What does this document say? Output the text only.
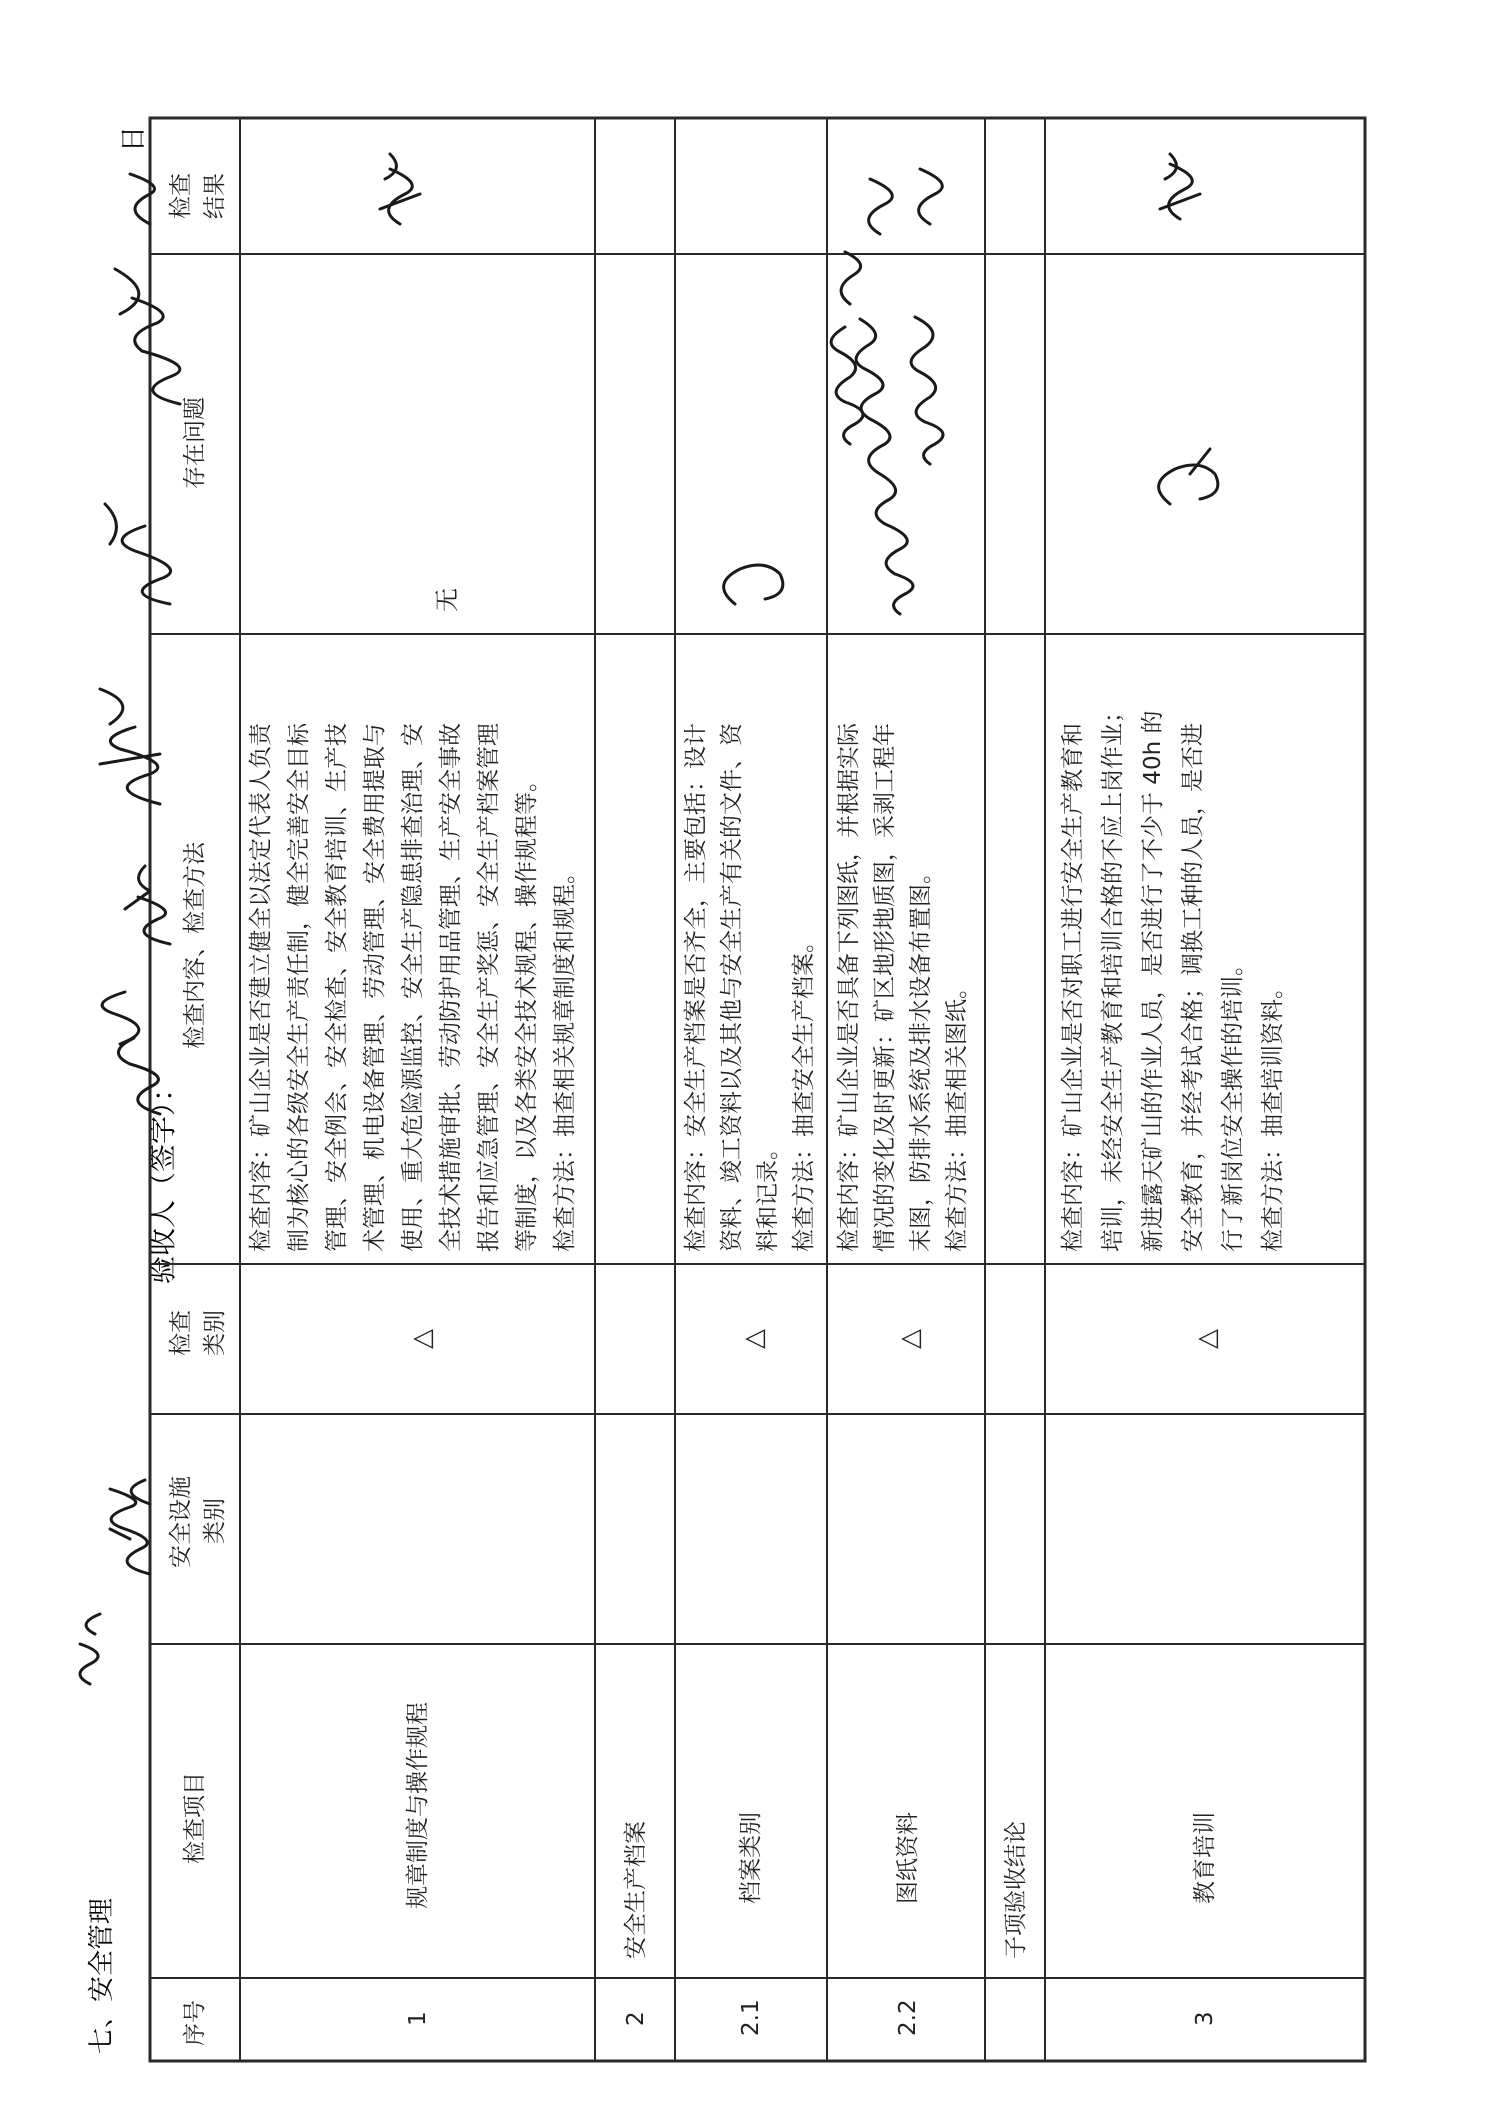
七、安全管理
验收人（签字）：
日
序号
检查项目
安全设施 类别
检查 类别
检查内容、检查方法
存在问题
检查 结果
1
规章制度与操作规程
△
检查内容：矿山企业是否建立健全以法定代表人负责 制为核心的各级安全生产责任制，健全完善安全目标 管理、安全例会、安全检查、安全教育培训、生产技 术管理、机电设备管理、劳动管理、安全费用提取与 使用、重大危险源监控、安全生产隐患排查治理、安 全技术措施审批、劳动防护用品管理、生产安全事故 报告和应急管理、安全生产奖惩、安全生产档案管理 等制度，以及各类安全技术规程、操作规程等。 检查方法：抽查相关规章制度和规程。
无
2
安全生产档案
2.1
档案类别
△
检查内容：安全生产档案是否齐全，主要包括：设计 资料、竣工资料以及其他与安全生产有关的文件、资 料和记录。 检查方法：抽查安全生产档案。
2.2
图纸资料
△
检查内容：矿山企业是否具备下列图纸，并根据实际 情况的变化及时更新：矿区地形地质图，采剥工程年 末图，防排水系统及排水设备布置图。 检查方法：抽查相关图纸。
子项验收结论
3
教育培训
△
检查内容：矿山企业是否对职工进行安全生产教育和 培训，未经安全生产教育和培训合格的不应上岗作业； 新进露天矿山的作业人员，是否进行了不少于 40h 的 安全教育，并经考试合格；调换工种的人员，是否进 行了新岗位安全操作的培训。 检查方法：抽查培训资料。
